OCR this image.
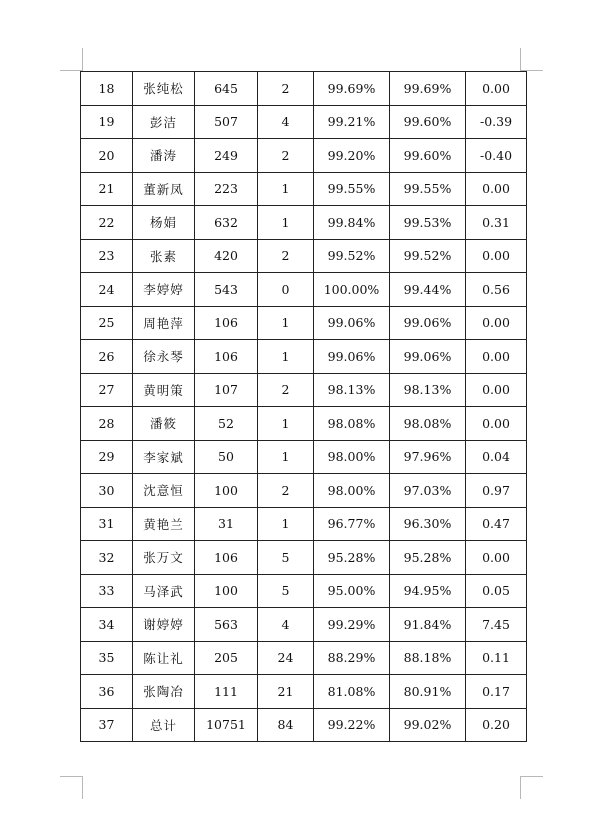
18	张纯松	645	2	99.69%	99.69%	0.00
19	彭洁	507	4	99.21%	99.60%	-0.39
20	潘涛	249	2	99.20%	99.60%	-0.40
21	董新凤	223	1	99.55%	99.55%	0.00
22	杨娟	632	1	99.84%	99.53%	0.31
23	张素	420	2	99.52%	99.52%	0.00
24	李婷婷	543	0	100.00%	99.44%	0.56
25	周艳萍	106	1	99.06%	99.06%	0.00
26	徐永琴	106	1	99.06%	99.06%	0.00
27	黄明策	107	2	98.13%	98.13%	0.00
28	潘筱	52	1	98.08%	98.08%	0.00
29	李家斌	50	1	98.00%	97.96%	0.04
30	沈意恒	100	2	98.00%	97.03%	0.97
31	黄艳兰	31	1	96.77%	96.30%	0.47
32	张万文	106	5	95.28%	95.28%	0.00
33	马泽武	100	5	95.00%	94.95%	0.05
34	谢婷婷	563	4	99.29%	91.84%	7.45
35	陈让礼	205	24	88.29%	88.18%	0.11
36	张陶冶	111	21	81.08%	80.91%	0.17
37	总计	10751	84	99.22%	99.02%	0.20
